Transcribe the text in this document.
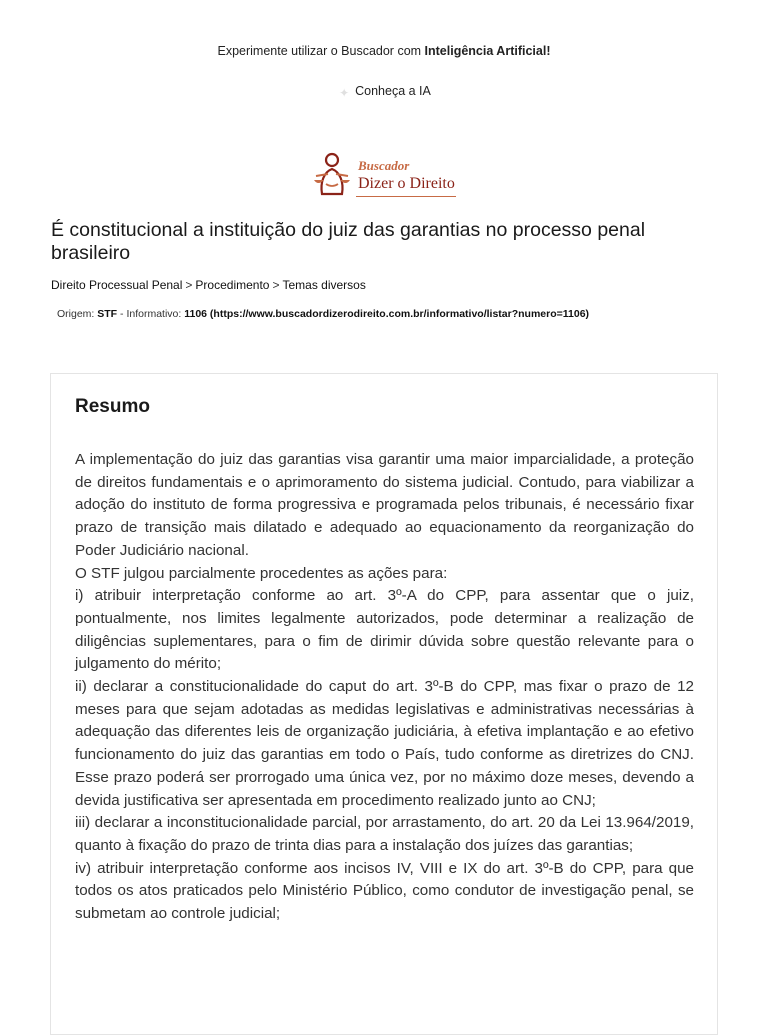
Experimente utilizar o Buscador com Inteligência Artificial!
✦ Conheça a IA
Buscador
Dizer o Direito
É constitucional a instituição do juiz das garantias no processo penal brasileiro
Direito Processual Penal > Procedimento > Temas diversos
Origem: STF - Informativo: 1106 (https://www.buscadordizerodireito.com.br/informativo/listar?numero=1106)
Resumo

A implementação do juiz das garantias visa garantir uma maior imparcialidade, a proteção de direitos fundamentais e o aprimoramento do sistema judicial. Contudo, para viabilizar a adoção do instituto de forma progressiva e programada pelos tribunais, é necessário fixar prazo de transição mais dilatado e adequado ao equacionamento da reorganização do Poder Judiciário nacional.

O STF julgou parcialmente procedentes as ações para:

i) atribuir interpretação conforme ao art. 3º-A do CPP, para assentar que o juiz, pontualmente, nos limites legalmente autorizados, pode determinar a realização de diligências suplementares, para o fim de dirimir dúvida sobre questão relevante para o julgamento do mérito;

ii) declarar a constitucionalidade do caput do art. 3º-B do CPP, mas fixar o prazo de 12 meses para que sejam adotadas as medidas legislativas e administrativas necessárias à adequação das diferentes leis de organização judiciária, à efetiva implantação e ao efetivo funcionamento do juiz das garantias em todo o País, tudo conforme as diretrizes do CNJ. Esse prazo poderá ser prorrogado uma única vez, por no máximo doze meses, devendo a devida justificativa ser apresentada em procedimento realizado junto ao CNJ;

iii) declarar a inconstitucionalidade parcial, por arrastamento, do art. 20 da Lei 13.964/2019, quanto à fixação do prazo de trinta dias para a instalação dos juízes das garantias;

iv) atribuir interpretação conforme aos incisos IV, VIII e IX do art. 3º-B do CPP, para que todos os atos praticados pelo Ministério Público, como condutor de investigação penal, se submetam ao controle judicial;
